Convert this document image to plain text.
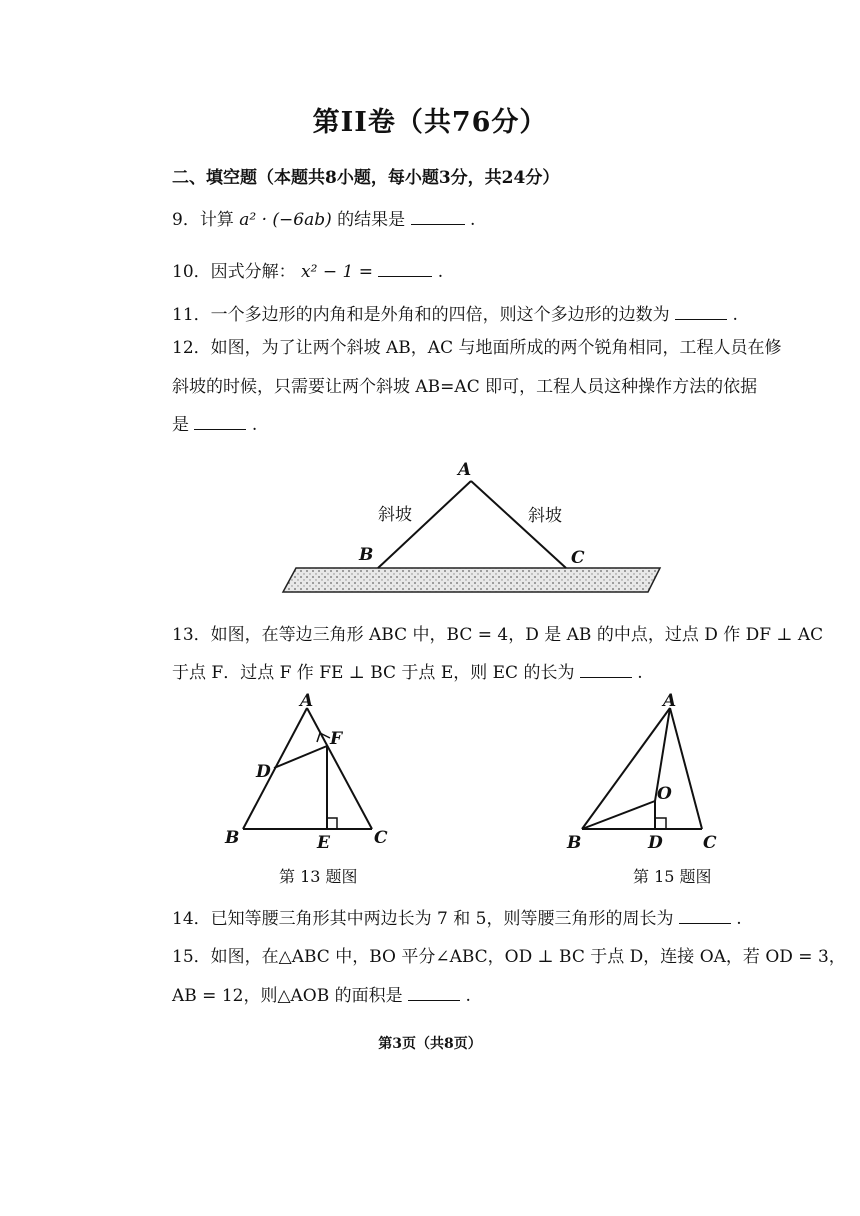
第II卷（共76分）
二、填空题（本题共8小题，每小题3分，共24分）
9．计算 a² · (−6ab) 的结果是	.
10．因式分解： x² − 1 =	.
11．一个多边形的内角和是外角和的四倍，则这个多边形的边数为	.
12．如图，为了让两个斜坡 AB，AC 与地面所成的两个锐角相同，工程人员在修
斜坡的时候，只需要让两个斜坡 AB=AC 即可，工程人员这种操作方法的依据
是	.
A
B	C
斜坡	斜坡
13．如图，在等边三角形 ABC 中，BC = 4，D 是 AB 的中点，过点 D 作 DF ⊥ AC
于点 F．过点 F 作 FE ⊥ BC 于点 E，则 EC 的长为	.
A
B	C
D
E
F
第 13 题图
A
B	C
D
O
第 15 题图
14．已知等腰三角形其中两边长为 7 和 5，则等腰三角形的周长为	.
15．如图，在△ABC 中，BO 平分∠ABC，OD ⊥ BC 于点 D，连接 OA，若 OD = 3，
AB = 12，则△AOB 的面积是	.
第3页（共8页）
